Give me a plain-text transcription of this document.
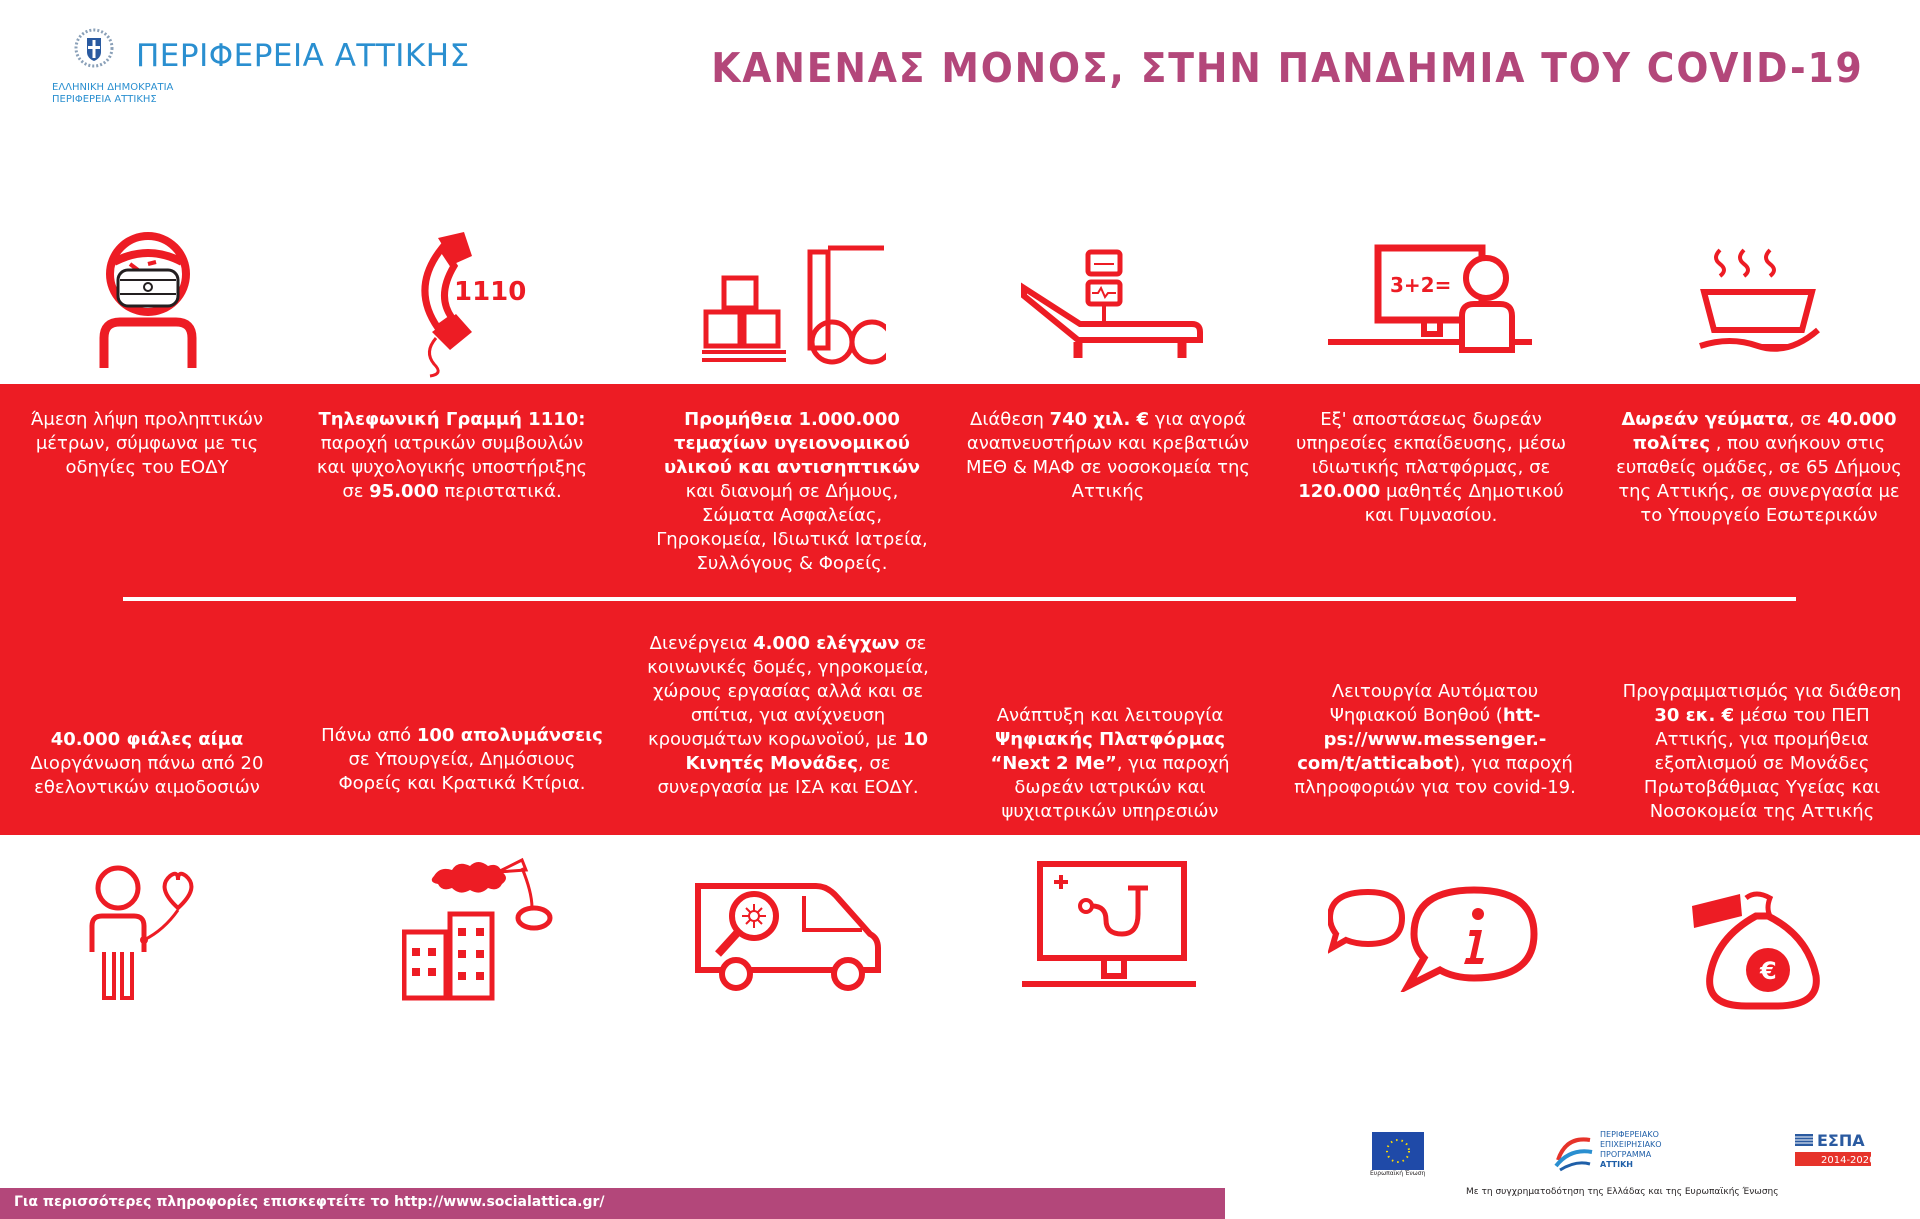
ΠΕΡΙΦΕΡΕΙΑ ΑΤΤΙΚΗΣ
ΕΛΛΗΝΙΚΗ ΔΗΜΟΚΡΑΤΙΑ
ΠΕΡΙΦΕΡΕΙΑ ΑΤΤΙΚΗΣ
ΚΑΝΕΝΑΣ ΜΟΝΟΣ, ΣΤΗΝ ΠΑΝΔΗΜΙΑ ΤΟΥ COVID-19
1110	3+2=
Άμεση λήψη προληπτικών μέτρων, σύμφωνα με τις οδηγίες του ΕΟΔΥ
Τηλεφωνική Γραμμή 1110: παροχή ιατρικών συμβουλών και ψυχολογικής υποστήριξης σε 95.000 περιστατικά.
Προμήθεια 1.000.000 τεμαχίων υγειονομικού υλικού και αντισηπτικών και διανομή σε Δήμους, Σώματα Ασφαλείας, Γηροκομεία, Ιδιωτικά Ιατρεία, Συλλόγους & Φορείς.
Διάθεση 740 χιλ. € για αγορά αναπνευστήρων και κρεβατιών ΜΕΘ & ΜΑΦ σε νοσοκομεία της Αττικής
Εξ' αποστάσεως δωρεάν υπηρεσίες εκπαίδευσης, μέσω ιδιωτικής πλατφόρμας, σε 120.000 μαθητές Δημοτικού και Γυμνασίου.
Δωρεάν γεύματα, σε 40.000 πολίτες , που ανήκουν στις ευπαθείς ομάδες, σε 65 Δήμους της Αττικής, σε συνεργασία με το Υπουργείο Εσωτερικών
40.000 φιάλες αίμα Διοργάνωση πάνω από 20 εθελοντικών αιμοδοσιών
Πάνω από 100 απολυμάνσεις σε Υπουργεία, Δημόσιους Φορείς και Κρατικά Κτίρια.
Διενέργεια 4.000 ελέγχων σε κοινωνικές δομές, γηροκομεία, χώρους εργασίας αλλά και σε σπίτια, για ανίχνευση κρουσμάτων κορωνοϊού, με 10 Κινητές Μονάδες, σε συνεργασία με ΙΣΑ και ΕΟΔΥ.
Ανάπτυξη και λειτουργία Ψηφιακής Πλατφόρμας “Next 2 Me”, για παροχή δωρεάν ιατρικών και ψυχιατρικών υπηρεσιών
Λειτουργία Αυτόματου Ψηφιακού Βοηθού (htt-ps://www.messenger.-com/t/atticabot), για παροχή πληροφοριών για τον covid-19.
Προγραμματισμός για διάθεση 30 εκ. € μέσω του ΠΕΠ Αττικής, για προμήθεια εξοπλισμού σε Μονάδες Πρωτοβάθμιας Υγείας και Νοσοκομεία της Αττικής
€
Για περισσότερες πληροφορίες επισκεφτείτε το http://www.socialattica.gr/
Ευρωπαϊκή Ένωση
ΠΕΡΙΦΕΡΕΙΑΚΟ
ΕΠΙΧΕΙΡΗΣΙΑΚΟ
ΠΡΟΓΡΑΜΜΑ
ΑΤΤΙΚΗ
ΕΣΠΑ
2014-2020
Με τη συγχρηματοδότηση της Ελλάδας και της Ευρωπαϊκής Ένωσης
